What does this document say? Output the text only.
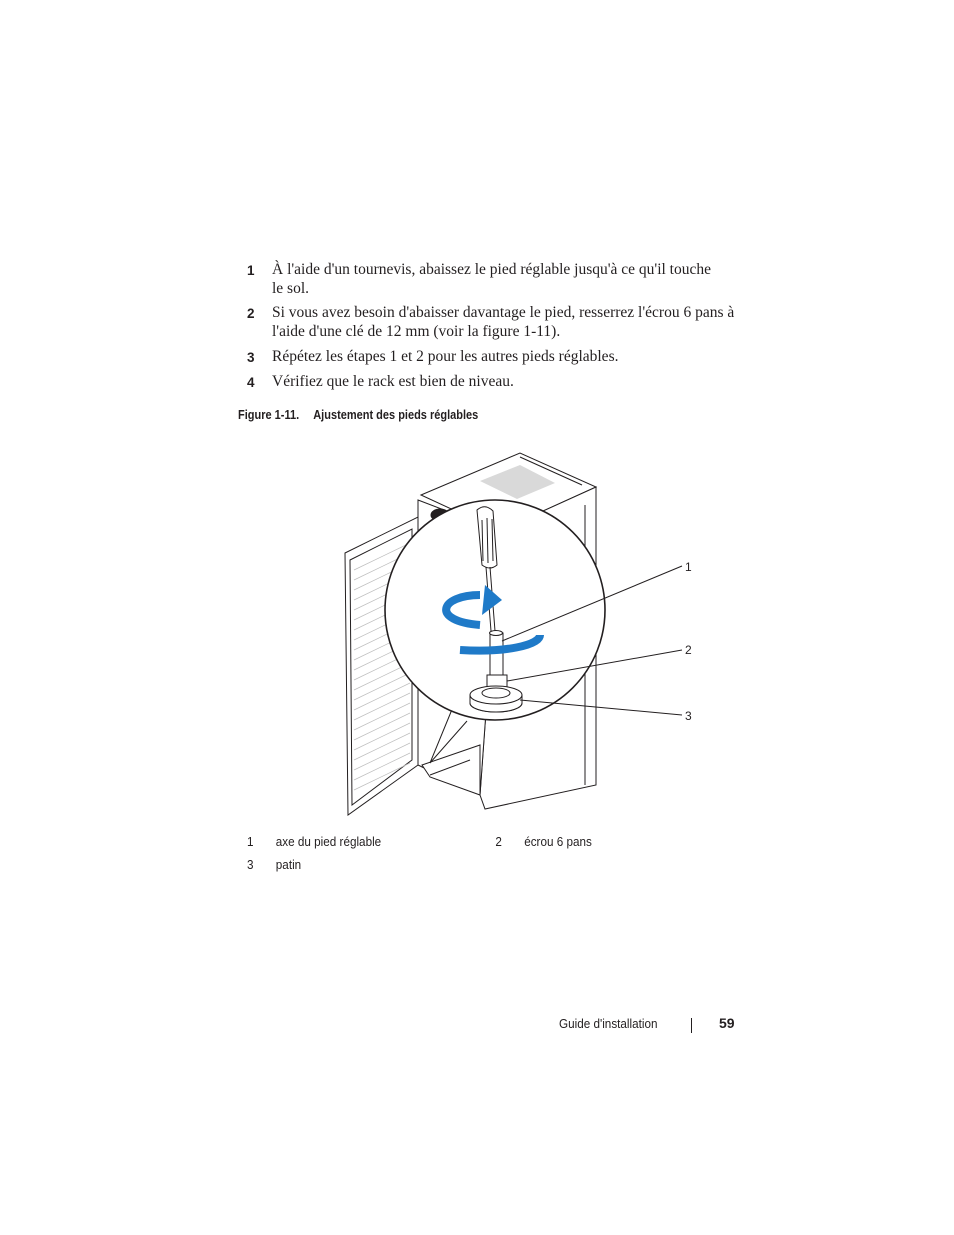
1 À l'aide d'un tournevis, abaissez le pied réglable jusqu'à ce qu'il touche le sol.
2 Si vous avez besoin d'abaisser davantage le pied, resserrez l'écrou 6 pans à l'aide d'une clé de 12 mm (voir la figure 1-11).
3 Répétez les étapes 1 et 2 pour les autres pieds réglables.
4 Vérifiez que le rack est bien de niveau.
Figure 1-11. Ajustement des pieds réglables
1
2
3
1 axe du pied réglable	2 écrou 6 pans
3 patin
Guide d'installation	59
